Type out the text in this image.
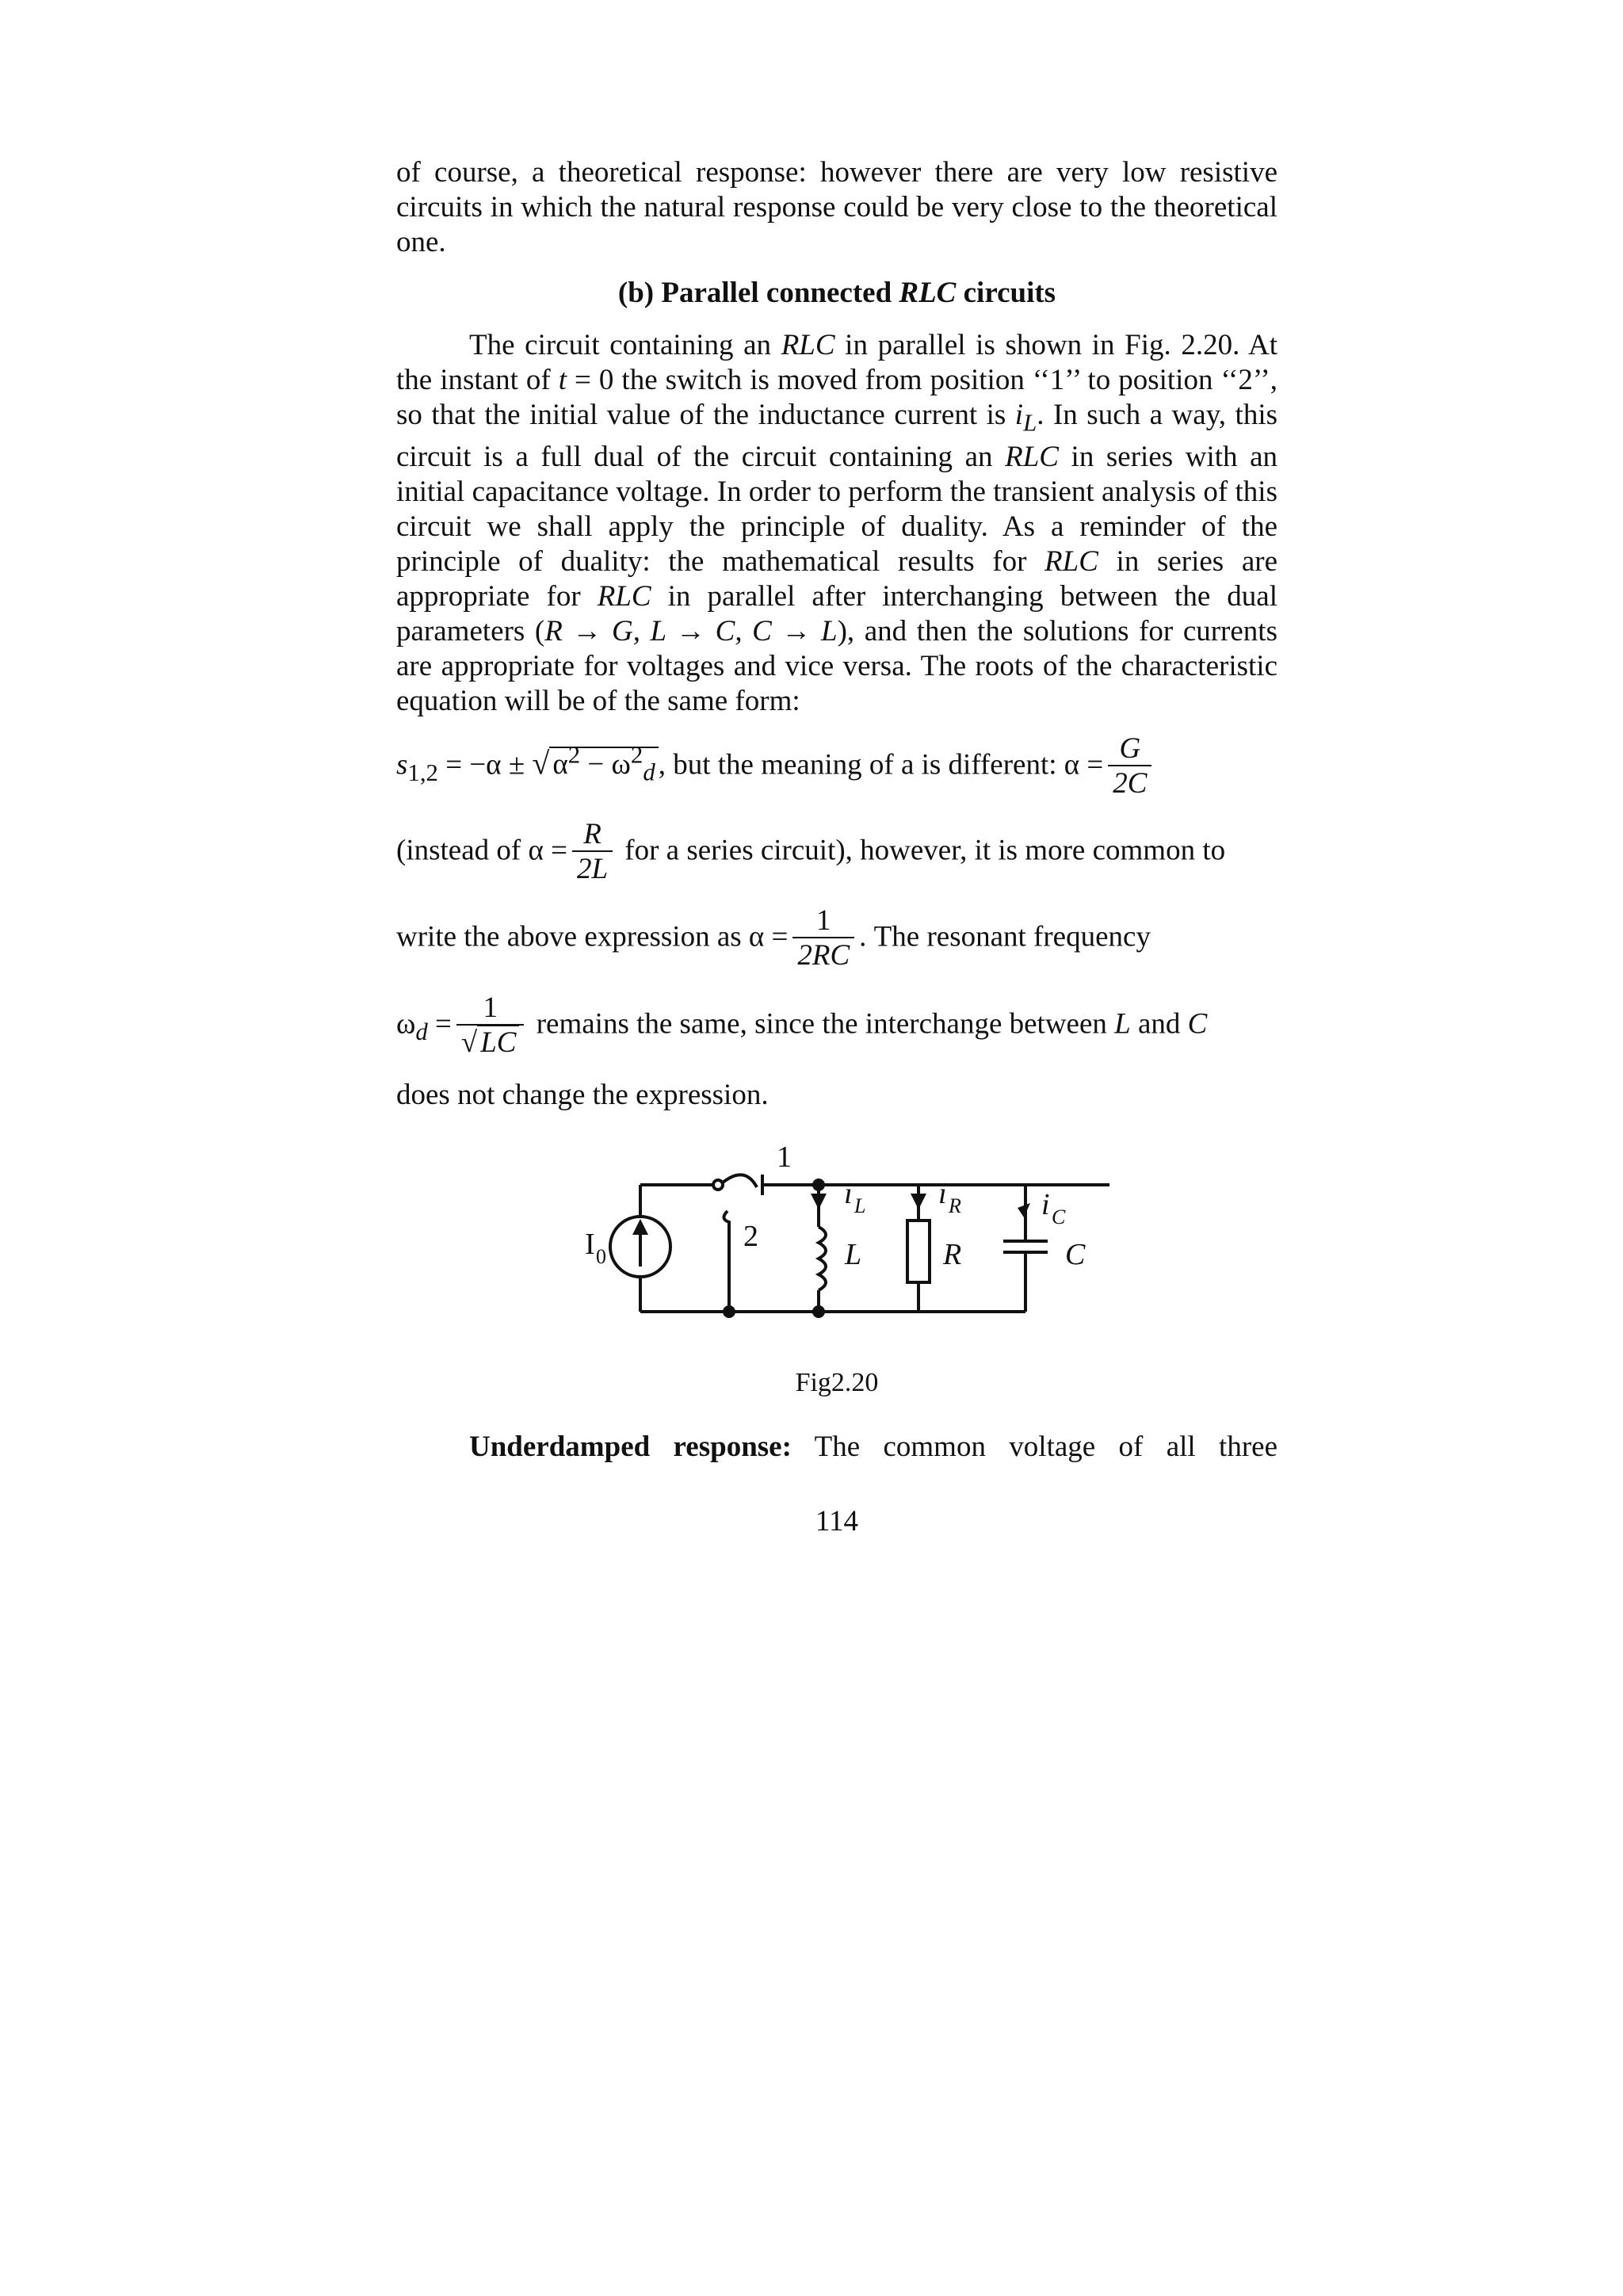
of course, a theoretical response: however there are very low resistive circuits in which the natural response could be very close to the theoretical one.

(b) Parallel connected RLC circuits

The circuit containing an RLC in parallel is shown in Fig. 2.20. At the instant of t = 0 the switch is moved from position ‘‘1’’ to position ‘‘2’’, so that the initial value of the inductance current is $i_L$. In such a way, this circuit is a full dual of the circuit containing an RLC in series with an initial capacitance voltage. In order to perform the transient analysis of this circuit we shall apply the principle of duality. As a reminder of the principle of duality: the mathematical results for RLC in series are appropriate for RLC in parallel after interchanging between the dual parameters (R → G, L → C, C → L), and then the solutions for currents are appropriate for voltages and vice versa. The roots of the characteristic equation will be of the same form:

$s_{1,2} = -\alpha$ ± √ $\alpha^2 - \omega^2_d$ , but the meaning of a is different: $\alpha = \frac{G}{2C}$
(instead of $\alpha = \frac{R}{2L}$ for a series circuit), however, it is more common to
write the above expression as $\alpha = \frac{1}{2RC}$ . The resonant frequency
$\omega_d = \frac{1}{√ LC}$ remains the same, since the interchange between L and C

does not change the expression.

1
2
I 0
i L i R	i C
L	R	C
Fig2.20

Underdamped response: The common voltage of all three

114
